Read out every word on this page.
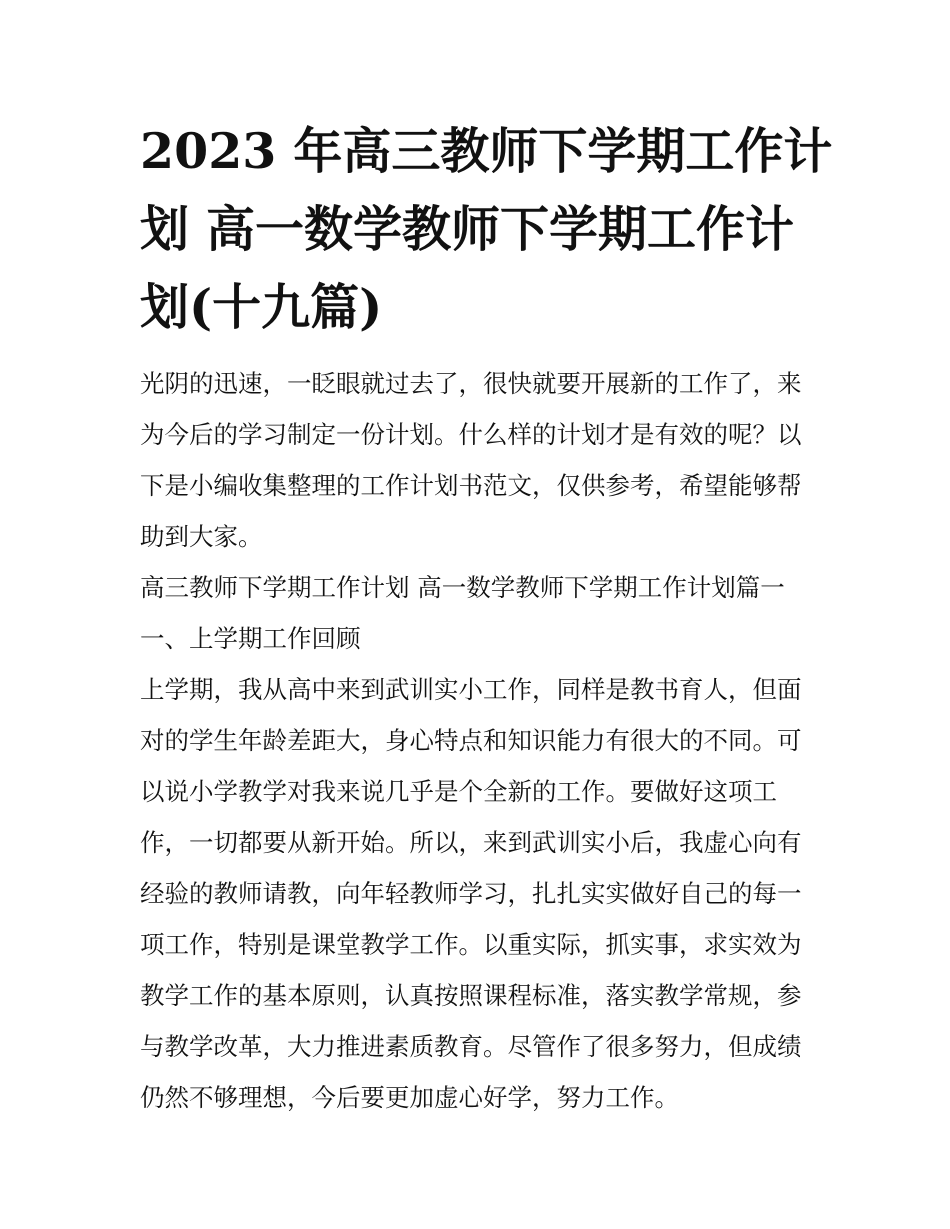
2023 年高三教师下学期工作计
划 高一数学教师下学期工作计
划(十九篇)

光阴的迅速，一眨眼就过去了，很快就要开展新的工作了，来
为今后的学习制定一份计划。什么样的计划才是有效的呢？以
下是小编收集整理的工作计划书范文，仅供参考，希望能够帮
助到大家。

高三教师下学期工作计划 高一数学教师下学期工作计划篇一

一、上学期工作回顾

上学期，我从高中来到武训实小工作，同样是教书育人，但面
对的学生年龄差距大，身心特点和知识能力有很大的不同。可
以说小学教学对我来说几乎是个全新的工作。要做好这项工
作，一切都要从新开始。所以，来到武训实小后，我虚心向有
经验的教师请教，向年轻教师学习，扎扎实实做好自己的每一
项工作，特别是课堂教学工作。以重实际，抓实事，求实效为
教学工作的基本原则，认真按照课程标准，落实教学常规，参
与教学改革，大力推进素质教育。尽管作了很多努力，但成绩
仍然不够理想，今后要更加虚心好学，努力工作。
